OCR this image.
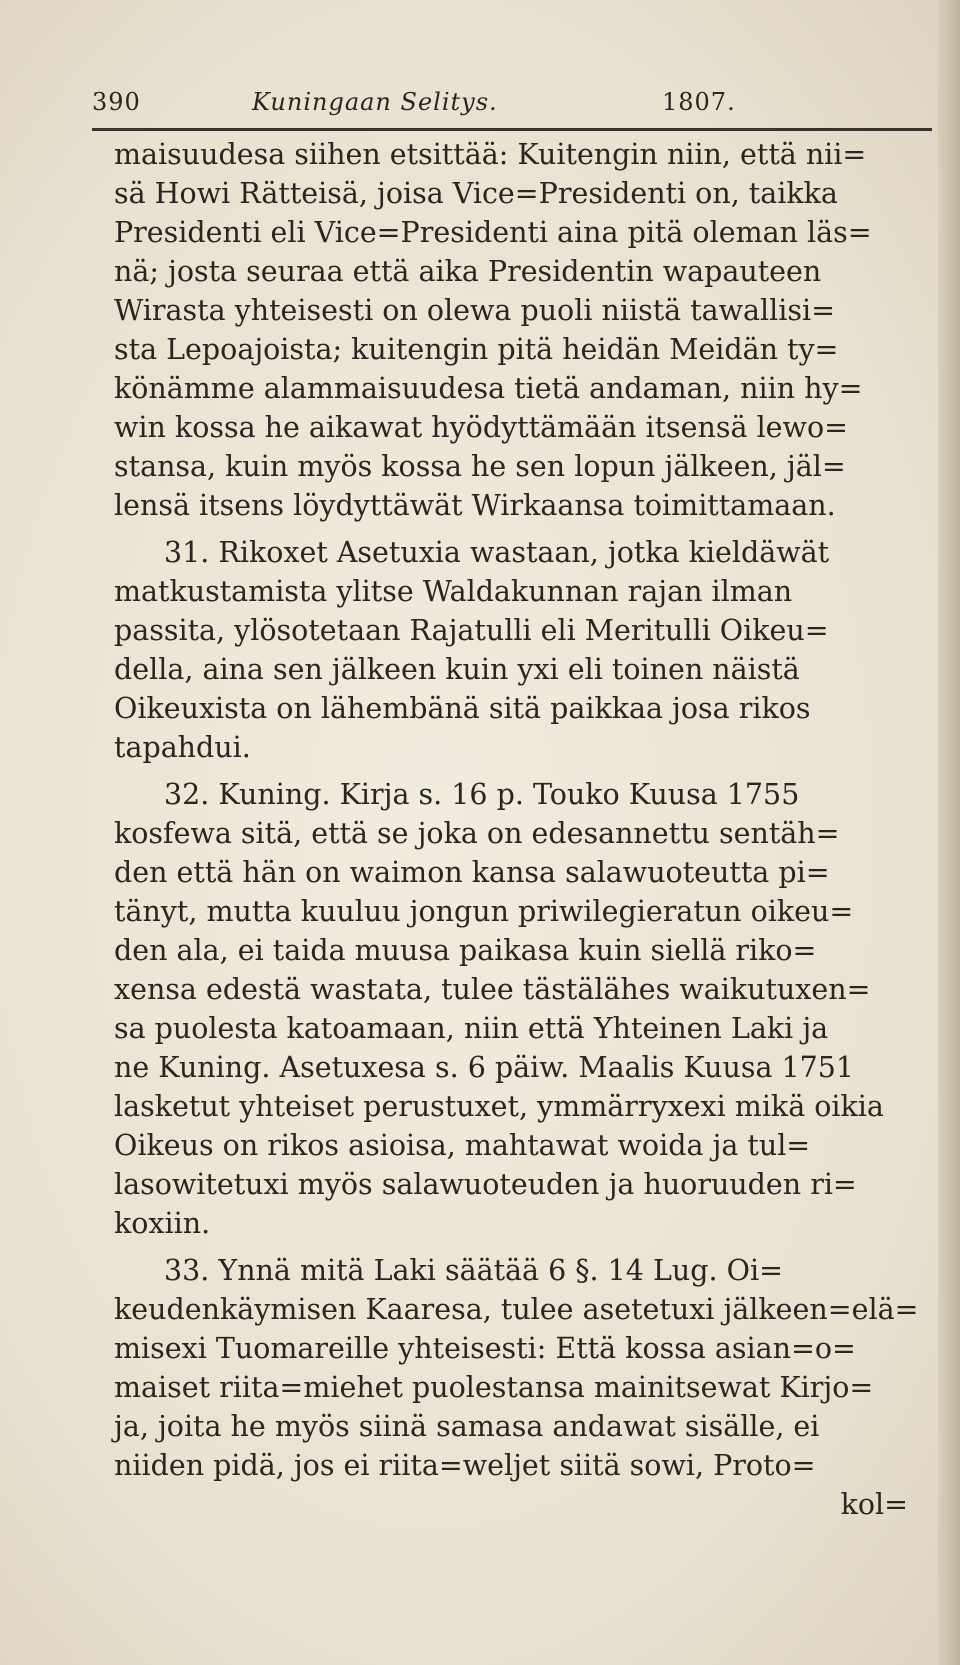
390	Kuningaan Selitys.	1807.
maisuudesa siihen etsittää: Kuitengin niin, että nii=
sä Howi Rätteisä, joisa Vice=Presidenti on, taikka
Presidenti eli Vice=Presidenti aina pitä oleman läs=
nä; josta seuraa että aika Presidentin wapauteen
Wirasta yhteisesti on olewa puoli niistä tawallisi=
sta Lepoajoista; kuitengin pitä heidän Meidän ty=
könämme alammaisuudesa tietä andaman, niin hy=
win kossa he aikawat hyödyttämään itsensä lewo=
stansa, kuin myös kossa he sen lopun jälkeen, jäl=
lensä itsens löydyttäwät Wirkaansa toimittamaan.
31. Rikoxet Asetuxia wastaan, jotka kieldäwät
matkustamista ylitse Waldakunnan rajan ilman
passita, ylösotetaan Rajatulli eli Meritulli Oikeu=
della, aina sen jälkeen kuin yxi eli toinen näistä
Oikeuxista on lähembänä sitä paikkaa josa rikos
tapahdui.
32. Kuning. Kirja s. 16 p. Touko Kuusa 1755
kosfewa sitä, että se joka on edesannettu sentäh=
den että hän on waimon kansa salawuoteutta pi=
tänyt, mutta kuuluu jongun priwilegieratun oikeu=
den ala, ei taida muusa paikasa kuin siellä riko=
xensa edestä wastata, tulee tästälähes waikutuxen=
sa puolesta katoamaan, niin että Yhteinen Laki ja
ne Kuning. Asetuxesa s. 6 päiw. Maalis Kuusa 1751
lasketut yhteiset perustuxet, ymmärryxexi mikä oikia
Oikeus on rikos asioisa, mahtawat woida ja tul=
lasowitetuxi myös salawuoteuden ja huoruuden ri=
koxiin.
33. Ynnä mitä Laki säätää 6 §. 14 Lug. Oi=
keudenkäymisen Kaaresa, tulee asetetuxi jälkeen=elä=
misexi Tuomareille yhteisesti: Että kossa asian=o=
maiset riita=miehet puolestansa mainitsewat Kirjo=
ja, joita he myös siinä samasa andawat sisälle, ei
niiden pidä, jos ei riita=weljet siitä sowi, Proto=
kol=
